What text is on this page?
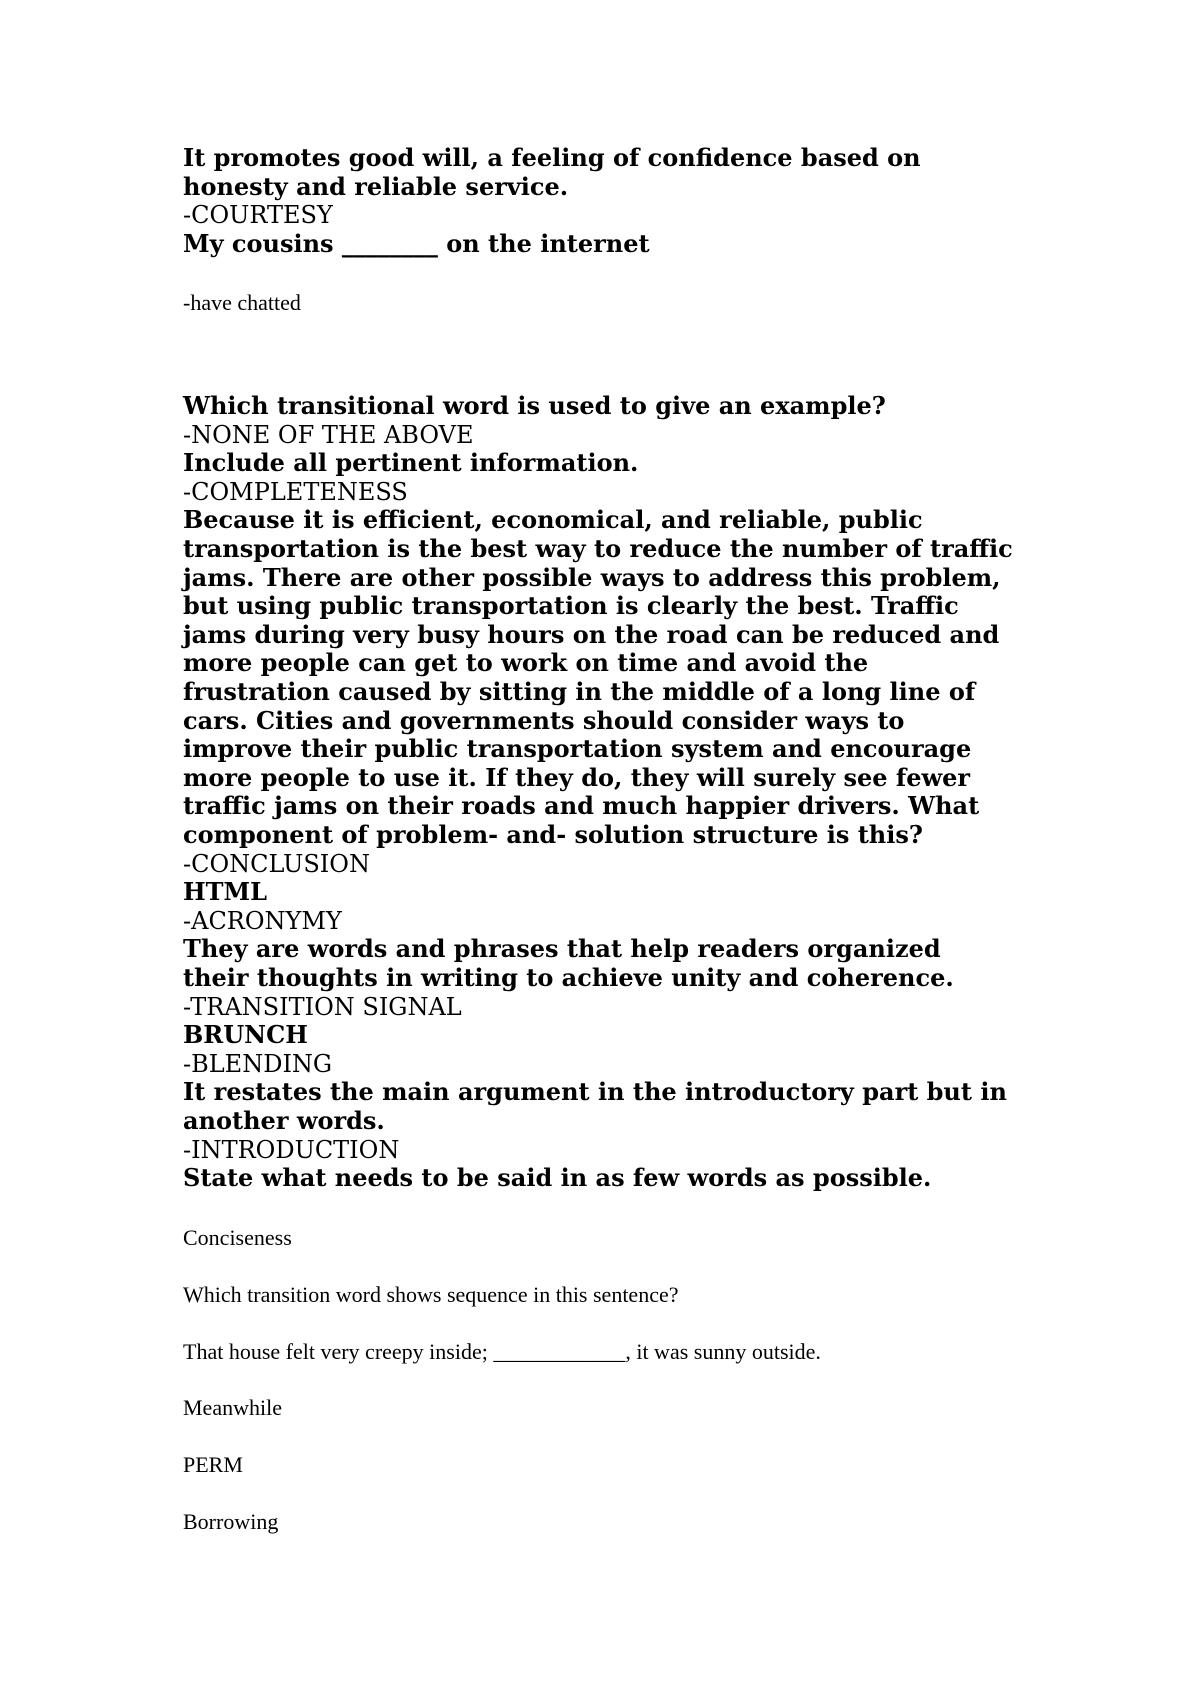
It promotes good will, a feeling of confidence based on
honesty and reliable service.
-COURTESY
My cousins ________ on the internet
-have chatted
Which transitional word is used to give an example?
-NONE OF THE ABOVE
Include all pertinent information.
-COMPLETENESS
Because it is efficient, economical, and reliable, public
transportation is the best way to reduce the number of traffic
jams. There are other possible ways to address this problem,
but using public transportation is clearly the best. Traffic
jams during very busy hours on the road can be reduced and
more people can get to work on time and avoid the
frustration caused by sitting in the middle of a long line of
cars. Cities and governments should consider ways to
improve their public transportation system and encourage
more people to use it. If they do, they will surely see fewer
traffic jams on their roads and much happier drivers. What
component of problem- and- solution structure is this?
-CONCLUSION
HTML
-ACRONYMY
They are words and phrases that help readers organized
their thoughts in writing to achieve unity and coherence.
-TRANSITION SIGNAL
BRUNCH
-BLENDING
It restates the main argument in the introductory part but in
another words.
-INTRODUCTION
State what needs to be said in as few words as possible.
Conciseness
Which transition word shows sequence in this sentence?
That house felt very creepy inside; ____________, it was sunny outside.
Meanwhile
PERM
Borrowing
